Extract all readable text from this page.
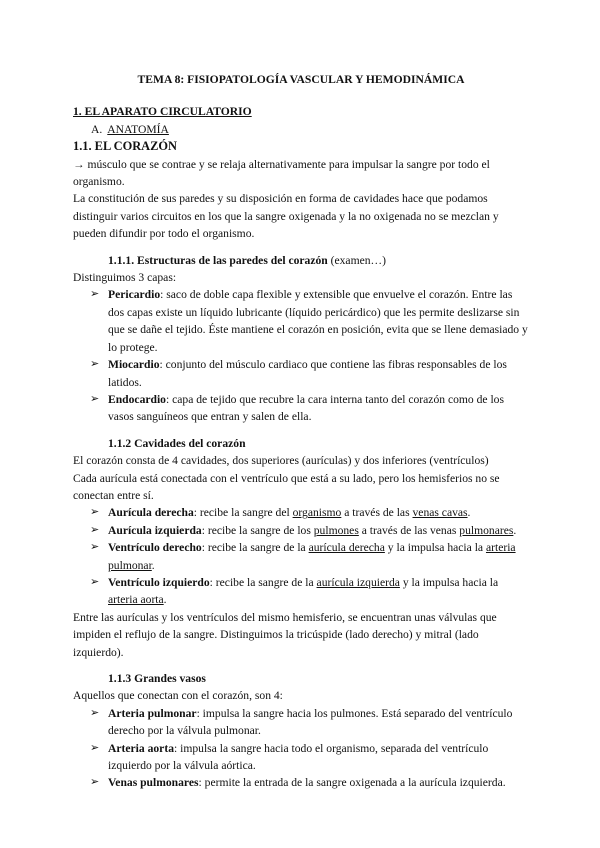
TEMA 8: FISIOPATOLOGÍA VASCULAR Y HEMODINÁMICA

1. EL APARATO CIRCULATORIO

A. ANATOMÍA

1.1. EL CORAZÓN

→ músculo que se contrae y se relaja alternativamente para impulsar la sangre por todo el organismo.

La constitución de sus paredes y su disposición en forma de cavidades hace que podamos distinguir varios circuitos en los que la sangre oxigenada y la no oxigenada no se mezclan y pueden difundir por todo el organismo.

1.1.1. Estructuras de las paredes del corazón (examen…)

Distinguimos 3 capas:

➢ Pericardio: saco de doble capa flexible y extensible que envuelve el corazón. Entre las dos capas existe un líquido lubricante (líquido pericárdico) que les permite deslizarse sin que se dañe el tejido. Éste mantiene el corazón en posición, evita que se llene demasiado y lo protege.
➢ Miocardio: conjunto del músculo cardiaco que contiene las fibras responsables de los latidos.
➢ Endocardio: capa de tejido que recubre la cara interna tanto del corazón como de los vasos sanguíneos que entran y salen de ella.

1.1.2 Cavidades del corazón

El corazón consta de 4 cavidades, dos superiores (aurículas) y dos inferiores (ventrículos)

Cada aurícula está conectada con el ventrículo que está a su lado, pero los hemisferios no se conectan entre sí.

➢ Aurícula derecha: recibe la sangre del organismo a través de las venas cavas.
➢ Aurícula izquierda: recibe la sangre de los pulmones a través de las venas pulmonares.
➢ Ventrículo derecho: recibe la sangre de la aurícula derecha y la impulsa hacia la arteria pulmonar.
➢ Ventrículo izquierdo: recibe la sangre de la aurícula izquierda y la impulsa hacia la arteria aorta.

Entre las aurículas y los ventrículos del mismo hemisferio, se encuentran unas válvulas que impiden el reflujo de la sangre. Distinguimos la tricúspide (lado derecho) y mitral (lado izquierdo).

1.1.3 Grandes vasos

Aquellos que conectan con el corazón, son 4:

➢ Arteria pulmonar: impulsa la sangre hacia los pulmones. Está separado del ventrículo derecho por la válvula pulmonar.
➢ Arteria aorta: impulsa la sangre hacia todo el organismo, separada del ventrículo izquierdo por la válvula aórtica.
➢ Venas pulmonares: permite la entrada de la sangre oxigenada a la aurícula izquierda.
